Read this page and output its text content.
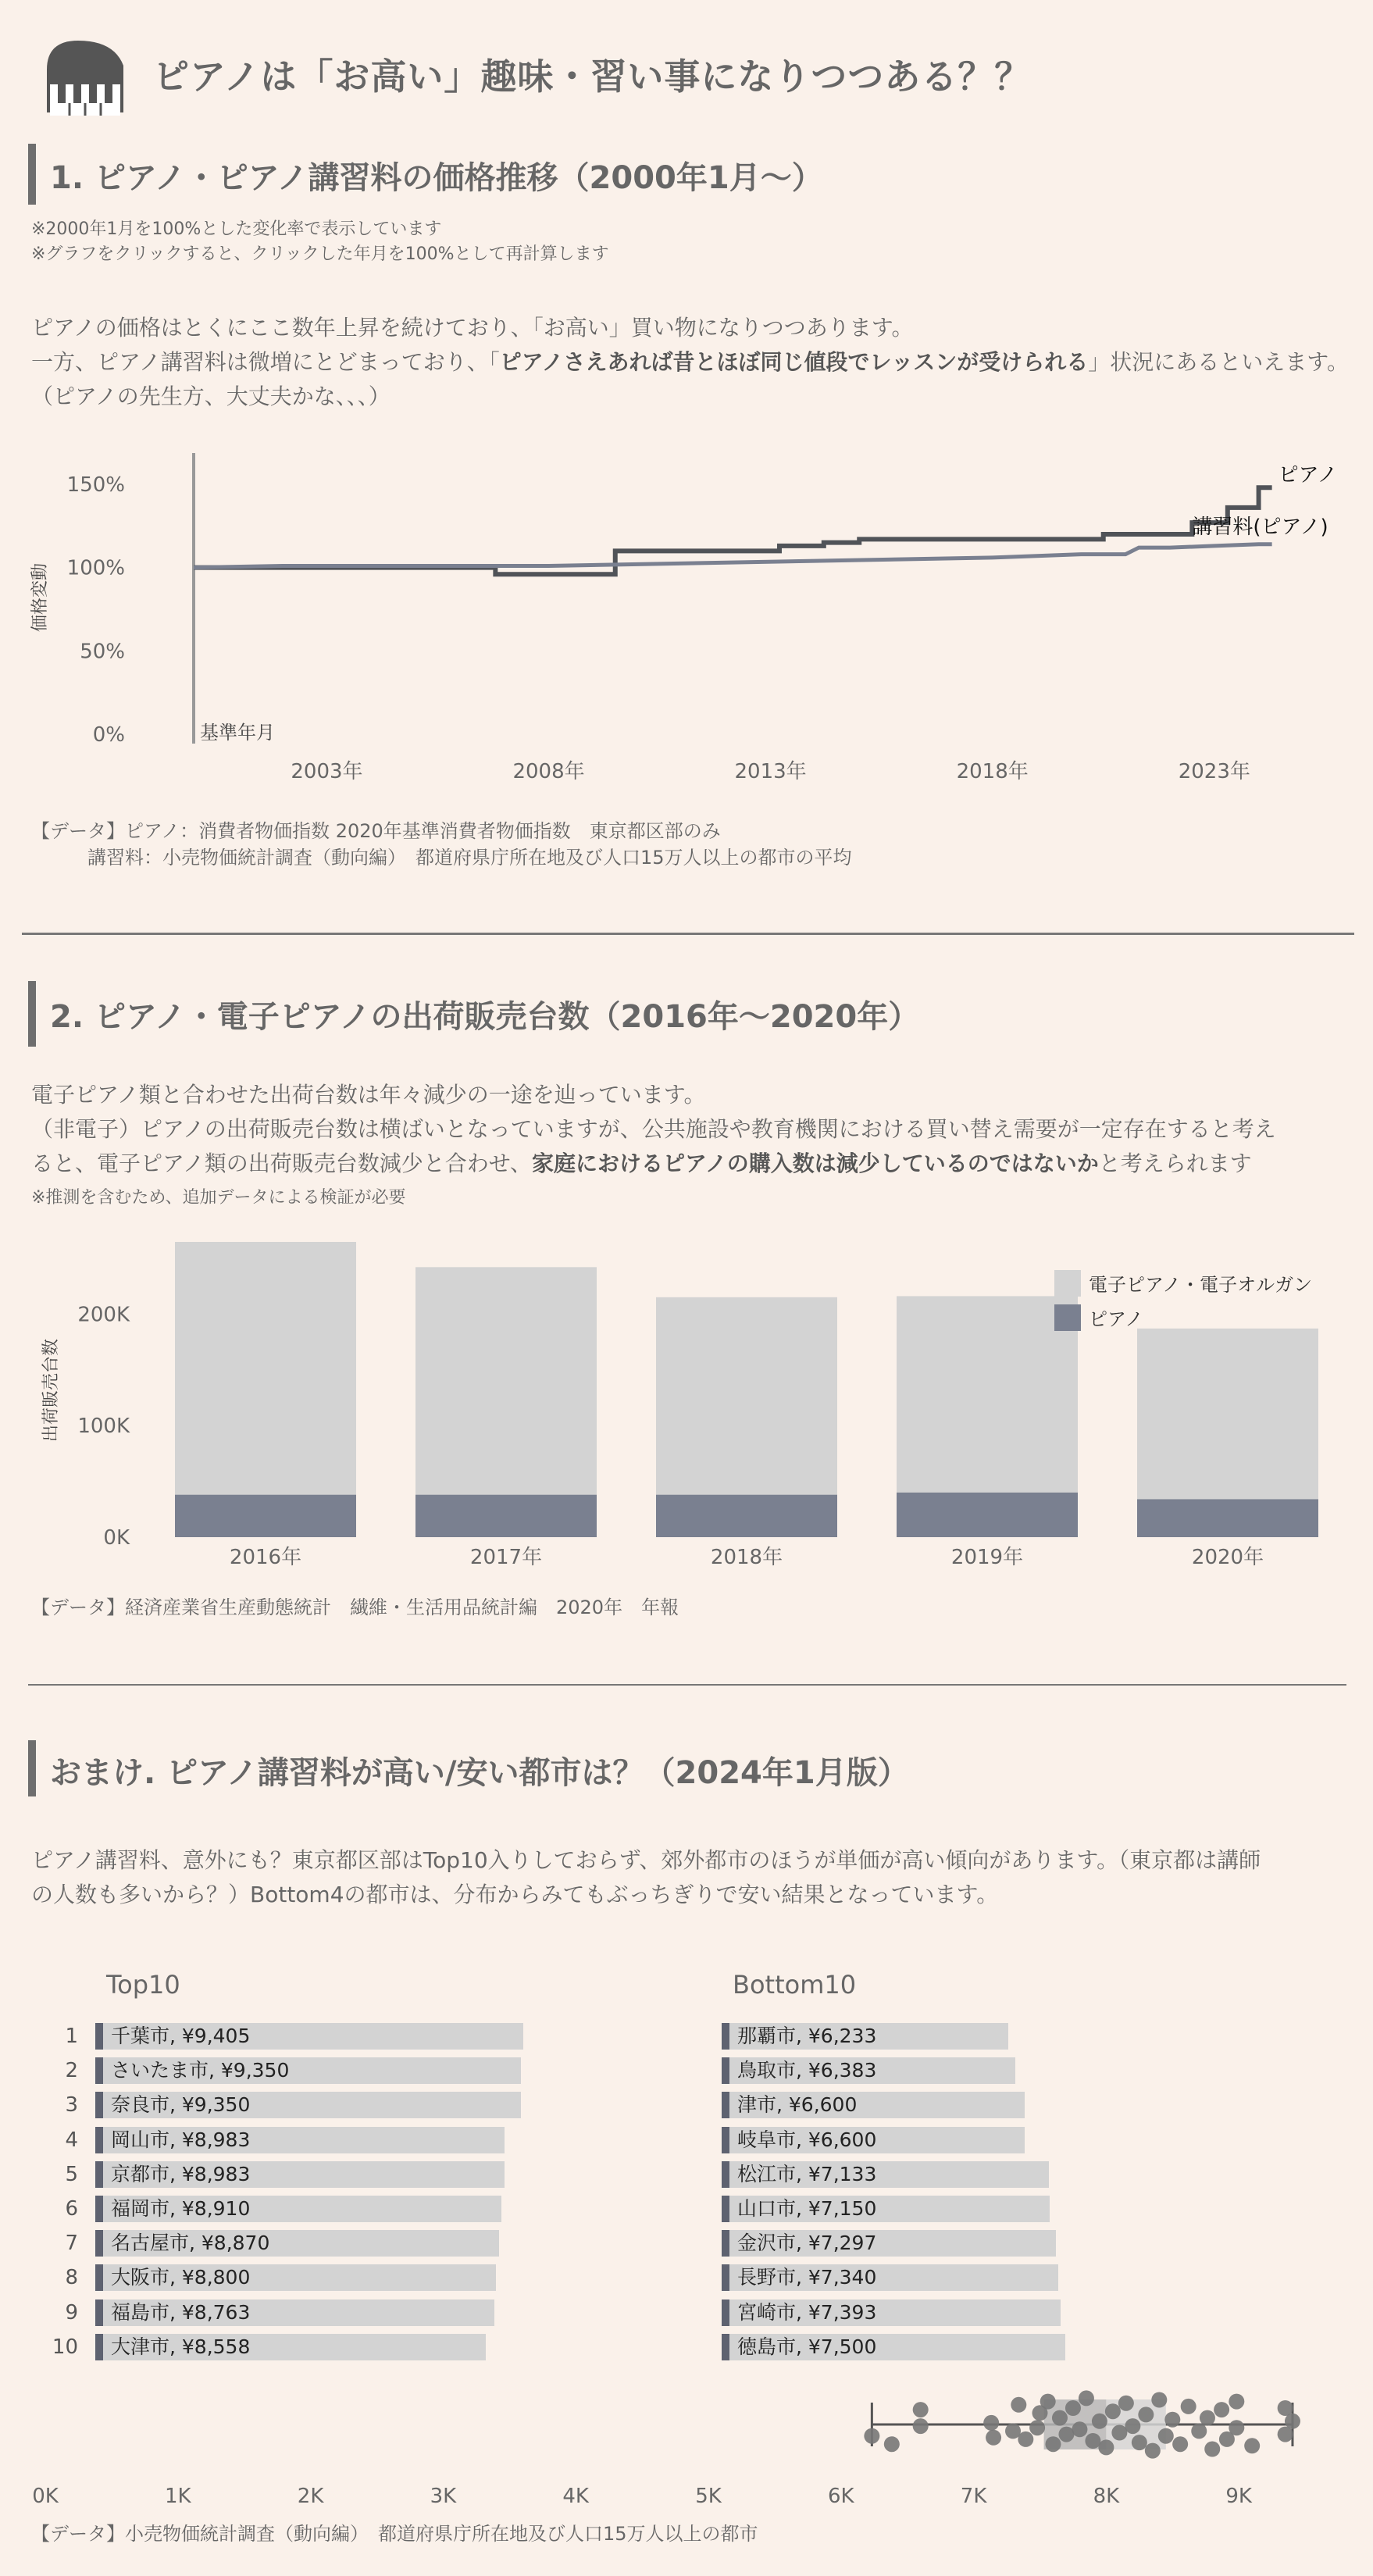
ピアノは「お高い」趣味・習い事になりつつある？？
1. ピアノ・ピアノ講習料の価格推移（2000年1月～）
※2000年1月を100%とした変化率で表示しています
※グラフをクリックすると、クリックした年月を100%として再計算します
ピアノの価格はとくにここ数年上昇を続けており、「お高い」買い物になりつつあります。
一方、ピアノ講習料は微増にとどまっており、「ピアノさえあれば昔とほぼ同じ値段でレッスンが受けられる」状況にあるといえます。
（ピアノの先生方、大丈夫かな、、、）
0%
50%
100%
150%
価格変動
基準年月
2003年	2008年	2013年	2018年	2023年
ピアノ
講習料(ピアノ)
【データ】ピアノ：消費者物価指数 2020年基準消費者物価指数　東京都区部のみ
　　　講習料：小売物価統計調査（動向編）　都道府県庁所在地及び人口15万人以上の都市の平均
2. ピアノ・電子ピアノの出荷販売台数（2016年～2020年）
電子ピアノ類と合わせた出荷台数は年々減少の一途を辿っています。
（非電子）ピアノの出荷販売台数は横ばいとなっていますが、公共施設や教育機関における買い替え需要が一定存在すると考え
ると、電子ピアノ類の出荷販売台数減少と合わせ、家庭におけるピアノの購入数は減少しているのではないかと考えられます
※推測を含むため、追加データによる検証が必要
0K
100K
200K
出荷販売台数
2016年	2017年	2018年	2019年	2020年
電子ピアノ・電子オルガン
ピアノ
【データ】経済産業省生産動態統計　繊維・生活用品統計編　2020年　年報
おまけ. ピアノ講習料が高い/安い都市は？（2024年1月版）
ピアノ講習料、意外にも？東京都区部はTop10入りしておらず、郊外都市のほうが単価が高い傾向があります。（東京都は講師
の人数も多いから？）Bottom4の都市は、分布からみてもぶっちぎりで安い結果となっています。
Top10	Bottom10
1 千葉市, ¥9,405
2 さいたま市, ¥9,350
3 奈良市, ¥9,350
4 岡山市, ¥8,983
5 京都市, ¥8,983
6 福岡市, ¥8,910
7 名古屋市, ¥8,870
8 大阪市, ¥8,800
9 福島市, ¥8,763
10 大津市, ¥8,558
那覇市, ¥6,233
鳥取市, ¥6,383
津市, ¥6,600
岐阜市, ¥6,600
松江市, ¥7,133
山口市, ¥7,150
金沢市, ¥7,297
長野市, ¥7,340
宮崎市, ¥7,393
徳島市, ¥7,500
0K	1K	2K	3K	4K	5K	6K	7K	8K	9K
【データ】小売物価統計調査（動向編）　都道府県庁所在地及び人口15万人以上の都市
